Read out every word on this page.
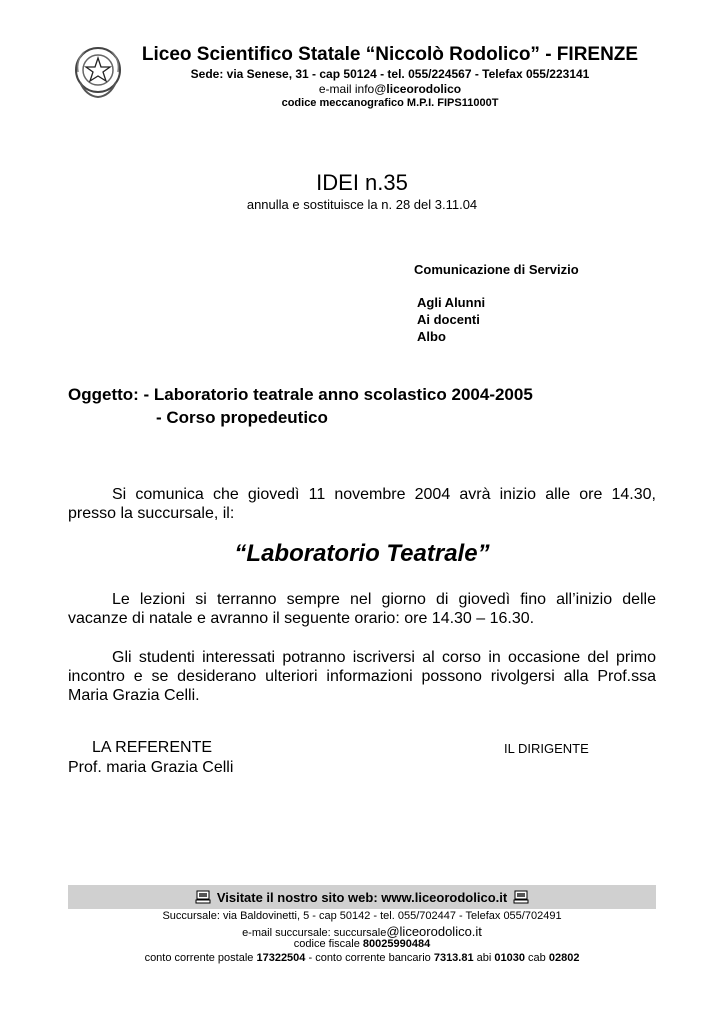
Liceo Scientifico Statale “Niccolò Rodolico” - FIRENZE
Sede: via Senese, 31 - cap 50124 - tel. 055/224567 - Telefax 055/223141
e-mail info@liceorodolico
codice meccanografico M.P.I. FIPS11000T
IDEI n.35
annulla e sostituisce la n. 28 del 3.11.04
Comunicazione di Servizio
Agli Alunni
Ai docenti
Albo
Oggetto: - Laboratorio teatrale anno scolastico 2004-2005
- Corso propedeutico
Si comunica che giovedì 11 novembre 2004 avrà inizio alle ore 14.30, presso la succursale, il:
“Laboratorio Teatrale”
Le lezioni si terranno sempre nel giorno di giovedì fino all’inizio delle vacanze di natale e avranno il seguente orario: ore 14.30 – 16.30.
Gli studenti interessati potranno iscriversi al corso in occasione del primo incontro e se desiderano ulteriori informazioni possono rivolgersi alla Prof.ssa Maria Grazia Celli.
LA REFERENTE
Prof. maria Grazia Celli
IL DIRIGENTE
Visitate il nostro sito web: www.liceorodolico.it
Succursale: via Baldovinetti, 5 - cap 50142 - tel. 055/702447 - Telefax 055/702491
e-mail succursale: succursale@liceorodolico.it
codice fiscale 80025990484
conto corrente postale 17322504 - conto corrente bancario 7313.81 abi 01030 cab 02802
